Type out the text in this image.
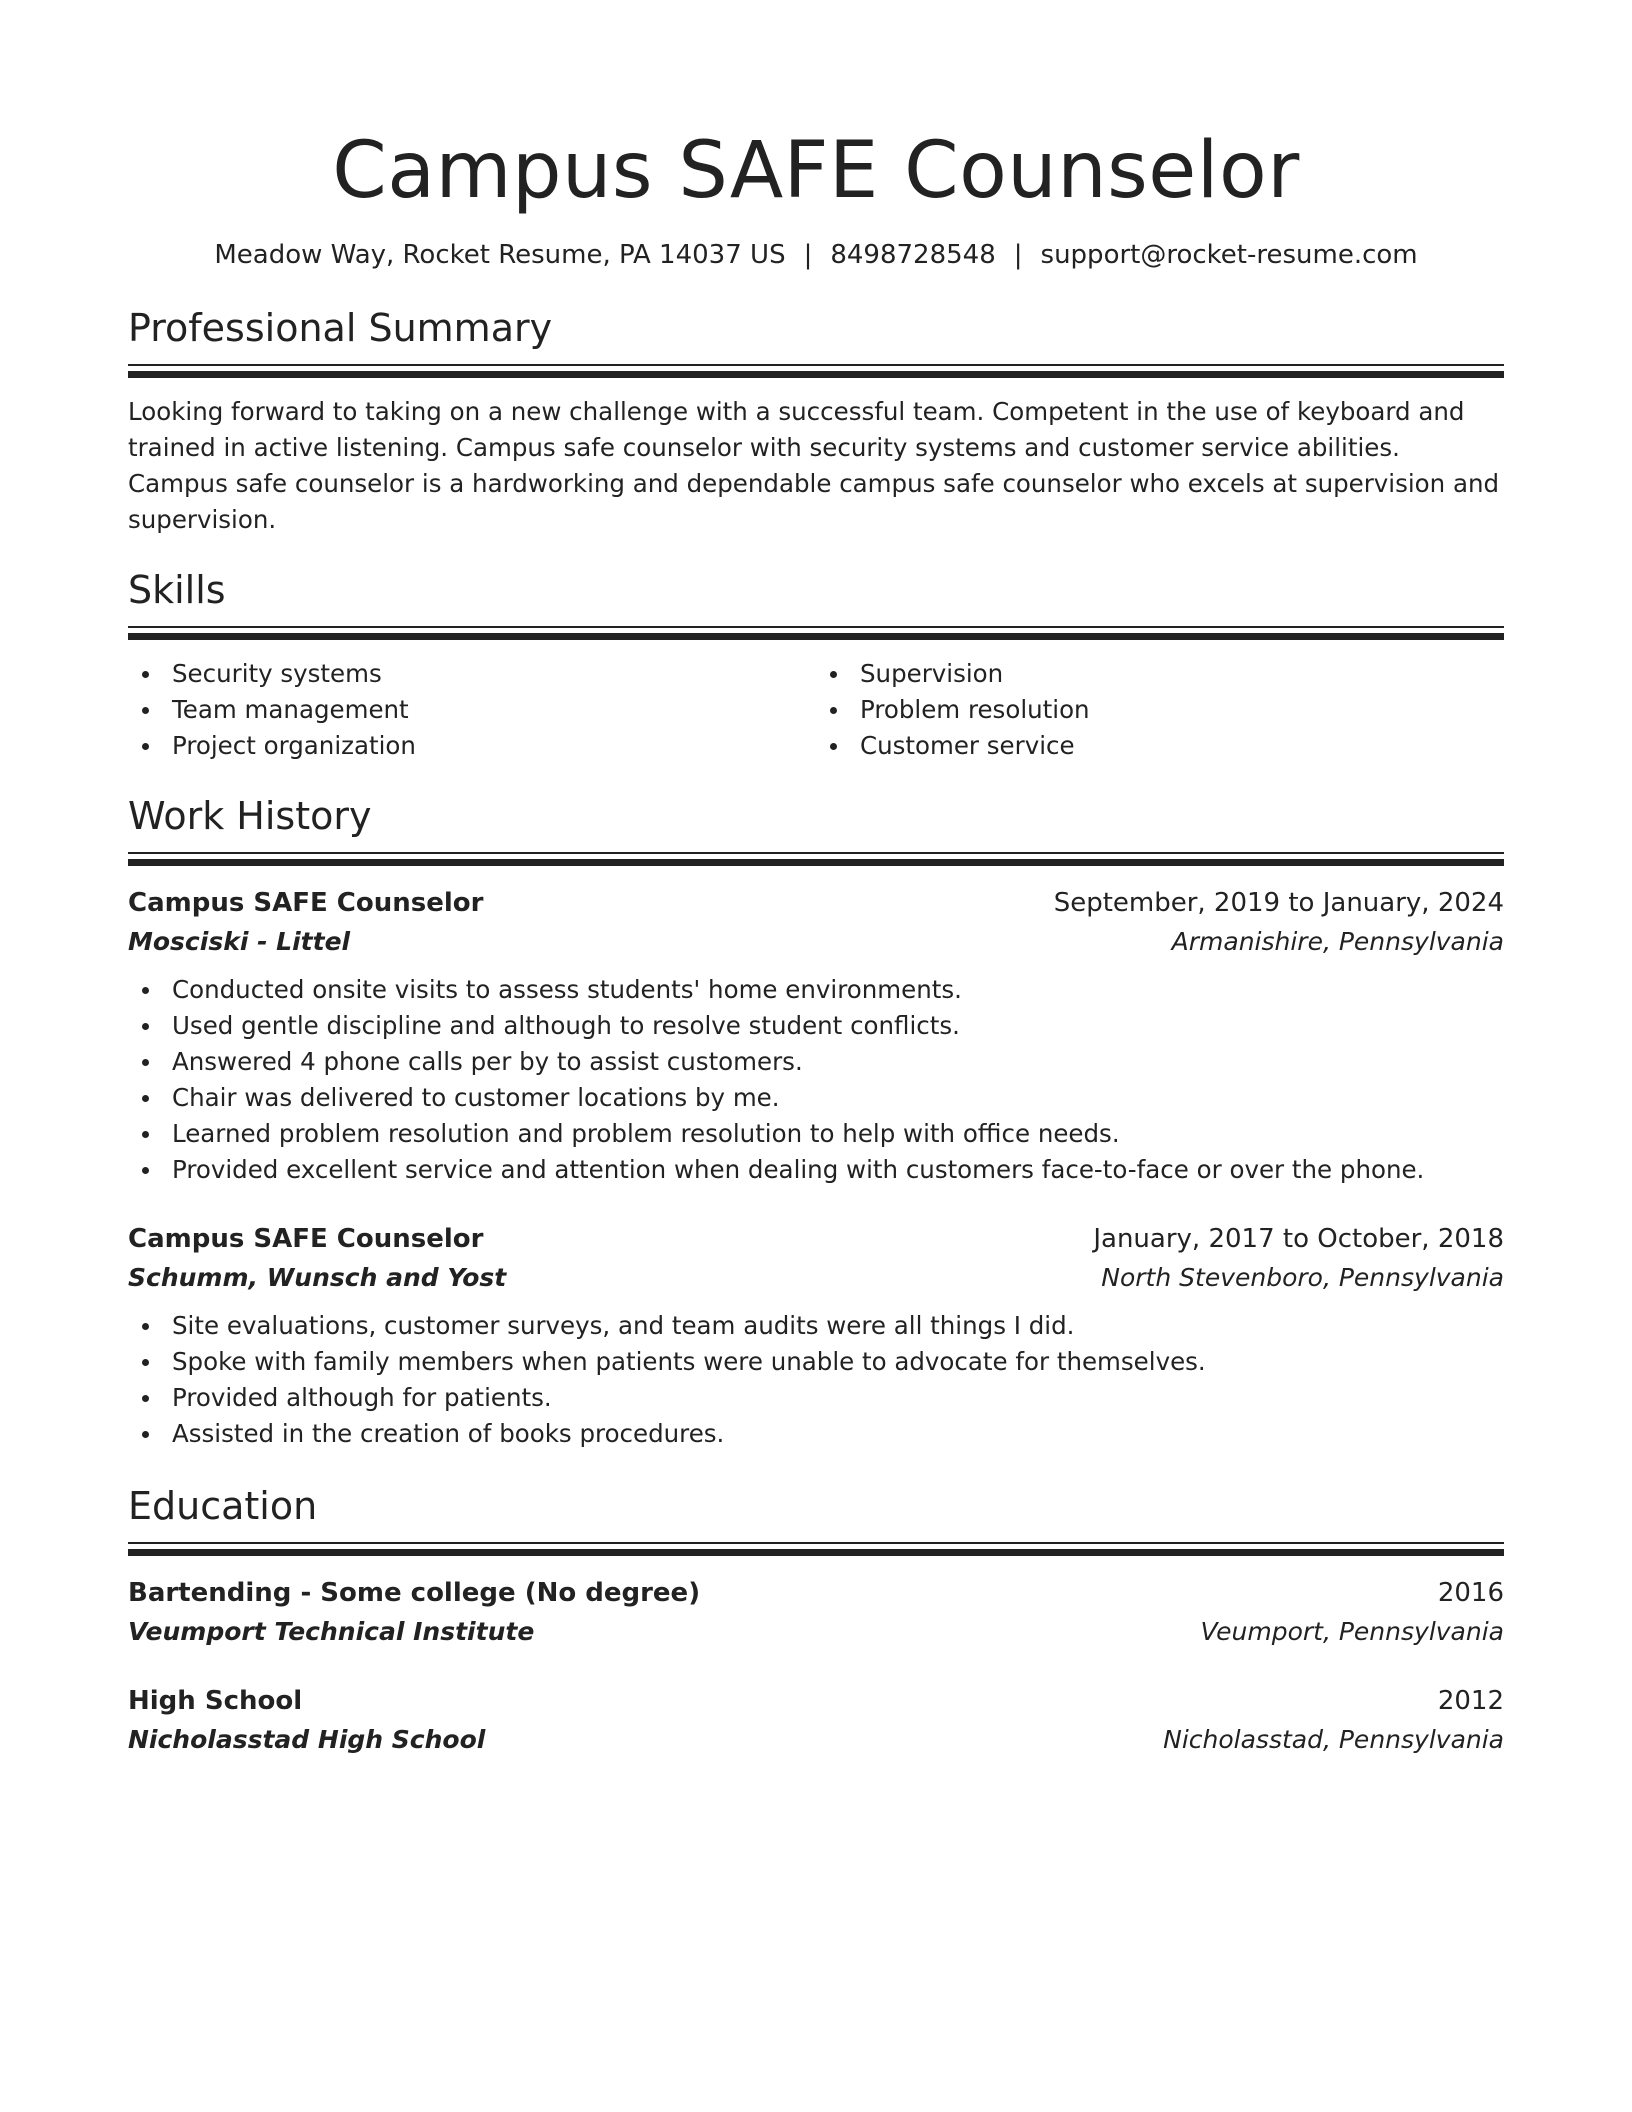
Campus SAFE Counselor
Meadow Way, Rocket Resume, PA 14037 US | 8498728548 | support@rocket-resume.com
Professional Summary

Looking forward to taking on a new challenge with a successful team. Competent in the use of keyboard and trained in active listening. Campus safe counselor with security systems and customer service abilities. Campus safe counselor is a hardworking and dependable campus safe counselor who excels at supervision and supervision.

Skills
Security systems
Team management
Project organization
Supervision
Problem resolution
Customer service
Work History
Campus SAFE Counselor	September, 2019 to January, 2024
Mosciski - Littel	Armanishire, Pennsylvania
Conducted onsite visits to assess students' home environments.
Used gentle discipline and although to resolve student conflicts.
Answered 4 phone calls per by to assist customers.
Chair was delivered to customer locations by me.
Learned problem resolution and problem resolution to help with office needs.
Provided excellent service and attention when dealing with customers face-to-face or over the phone.
Campus SAFE Counselor	January, 2017 to October, 2018
Schumm, Wunsch and Yost	North Stevenboro, Pennsylvania
Site evaluations, customer surveys, and team audits were all things I did.
Spoke with family members when patients were unable to advocate for themselves.
Provided although for patients.
Assisted in the creation of books procedures.
Education
Bartending - Some college (No degree)	2016
Veumport Technical Institute	Veumport, Pennsylvania
High School	2012
Nicholasstad High School	Nicholasstad, Pennsylvania
